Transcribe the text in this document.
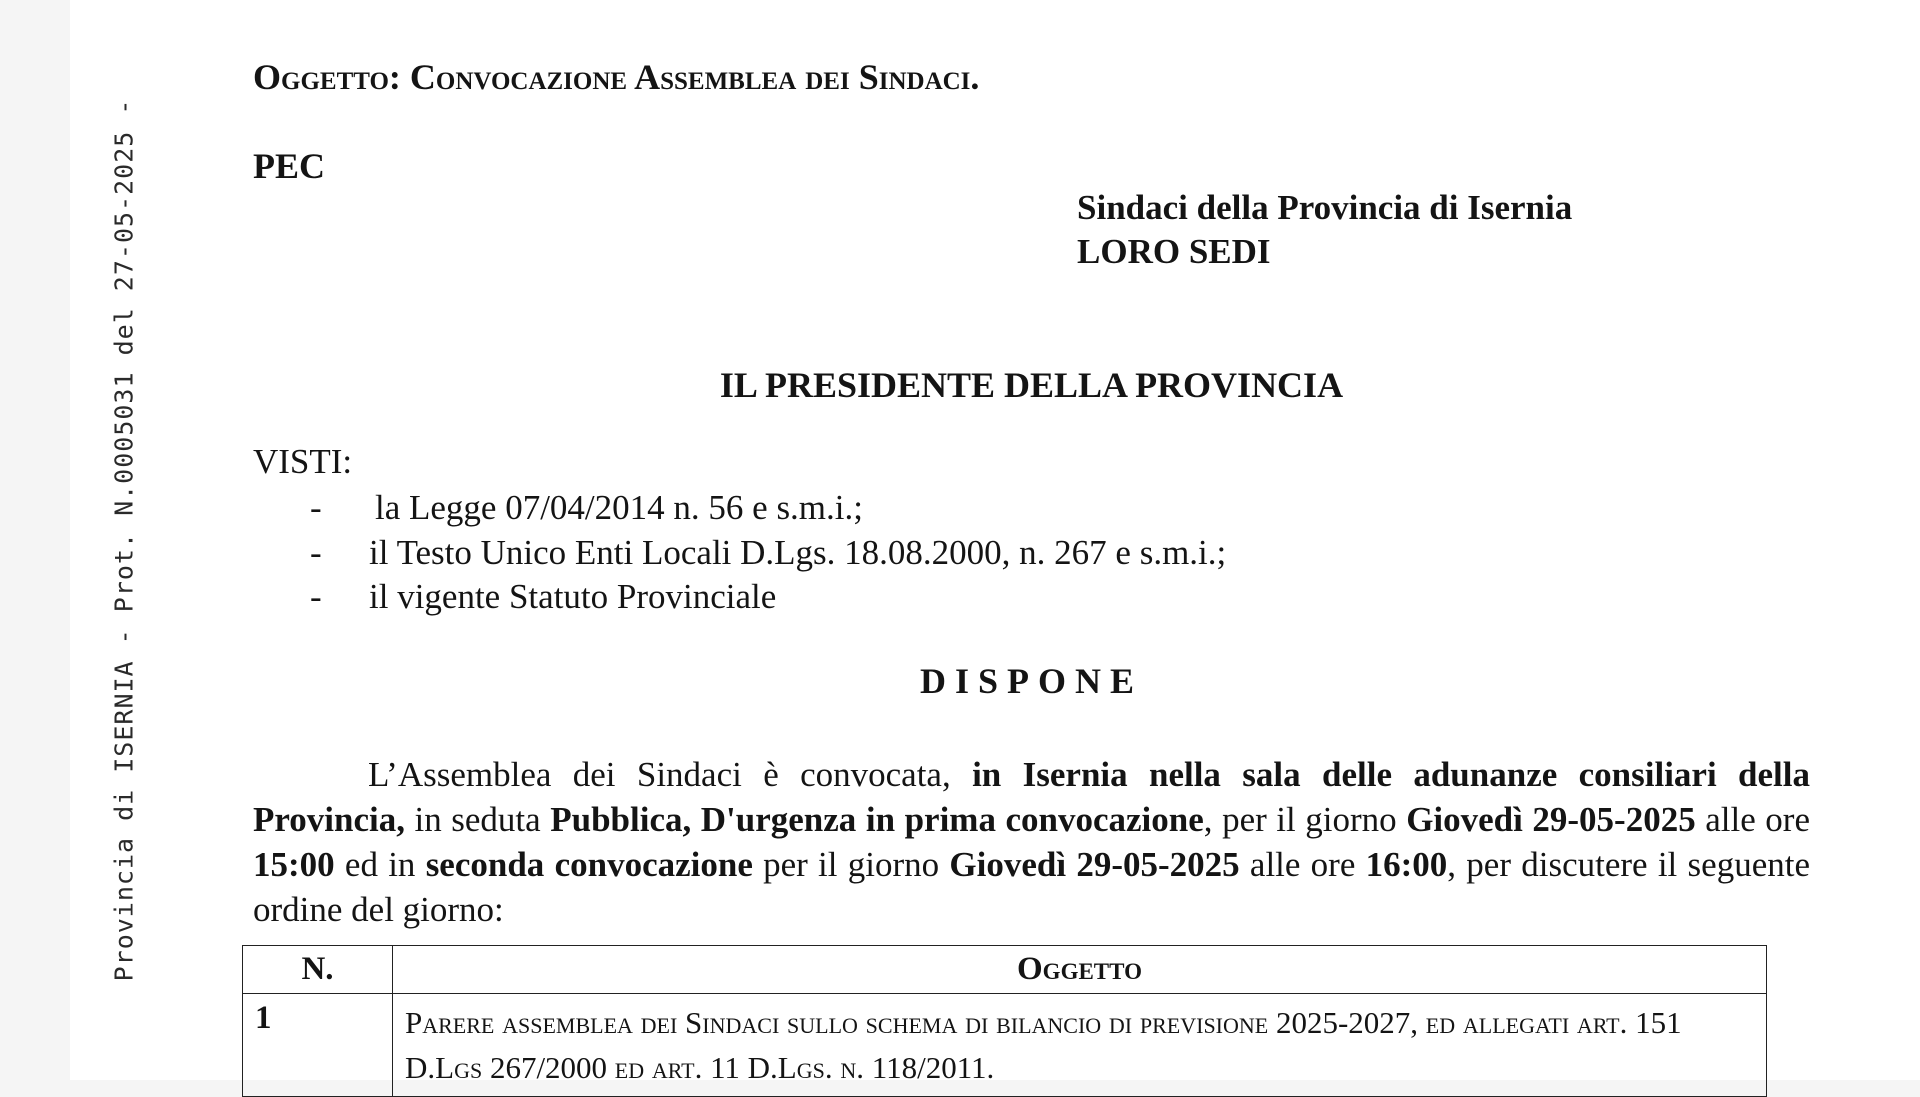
Provincia di ISERNIA - Prot. N.0005031 del 27-05-2025 -
Oggetto: Convocazione Assemblea dei Sindaci.
PEC
Sindaci della Provincia di Isernia
LORO SEDI
IL PRESIDENTE DELLA PROVINCIA
VISTI:
- la Legge 07/04/2014 n. 56 e s.m.i.;
- il Testo Unico Enti Locali D.Lgs. 18.08.2000, n. 267 e s.m.i.;
- il vigente Statuto Provinciale
DISPONE
L’Assemblea dei Sindaci è convocata, in Isernia nella sala delle adunanze consiliari della Provincia, in seduta Pubblica, D'urgenza in prima convocazione, per il giorno Giovedì 29-05-2025 alle ore 15:00 ed in seconda convocazione per il giorno Giovedì 29-05-2025 alle ore 16:00, per discutere il seguente ordine del giorno:
N.	Oggetto
1	Parere assemblea dei Sindaci sullo schema di bilancio di previsione 2025-2027, ed allegati art. 151 D.Lgs 267/2000 ed art. 11 D.Lgs. n. 118/2011.
